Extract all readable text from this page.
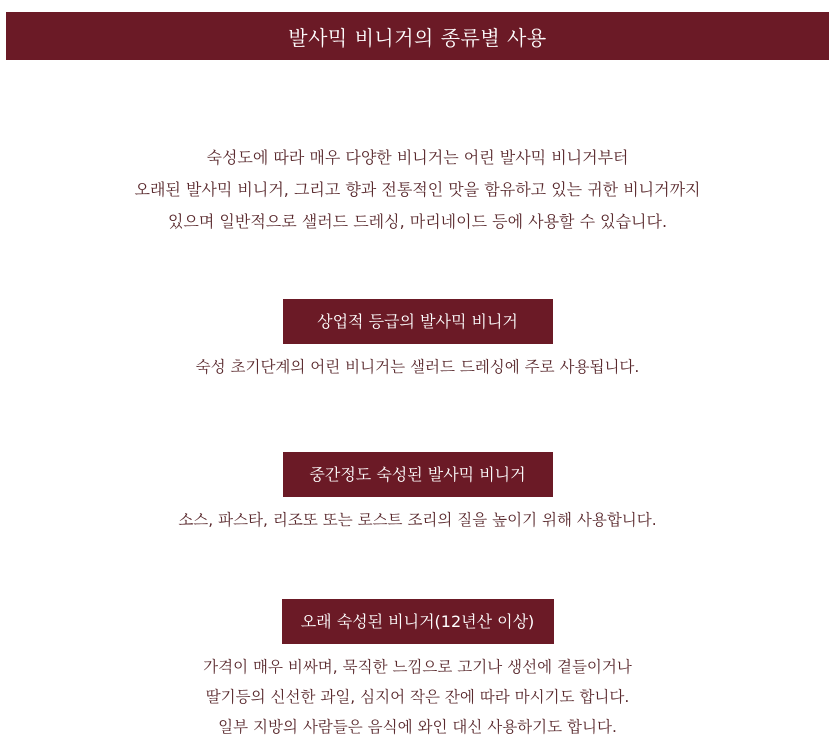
발사믹 비니거의 종류별 사용

숙성도에 따라 매우 다양한 비니거는 어린 발사믹 비니거부터

오래된 발사믹 비니거, 그리고 향과 전통적인 맛을 함유하고 있는 귀한 비니거까지

있으며 일반적으로 샐러드 드레싱, 마리네이드 등에 사용할 수 있습니다.

상업적 등급의 발사믹 비니거

숙성 초기단계의 어린 비니거는 샐러드 드레싱에 주로 사용됩니다.

중간정도 숙성된 발사믹 비니거

소스, 파스타, 리조또 또는 로스트 조리의 질을 높이기 위해 사용합니다.

오래 숙성된 비니거(12년산 이상)

가격이 매우 비싸며, 묵직한 느낌으로 고기나 생선에 곁들이거나

딸기등의 신선한 과일, 심지어 작은 잔에 따라 마시기도 합니다.

일부 지방의 사람들은 음식에 와인 대신 사용하기도 합니다.
